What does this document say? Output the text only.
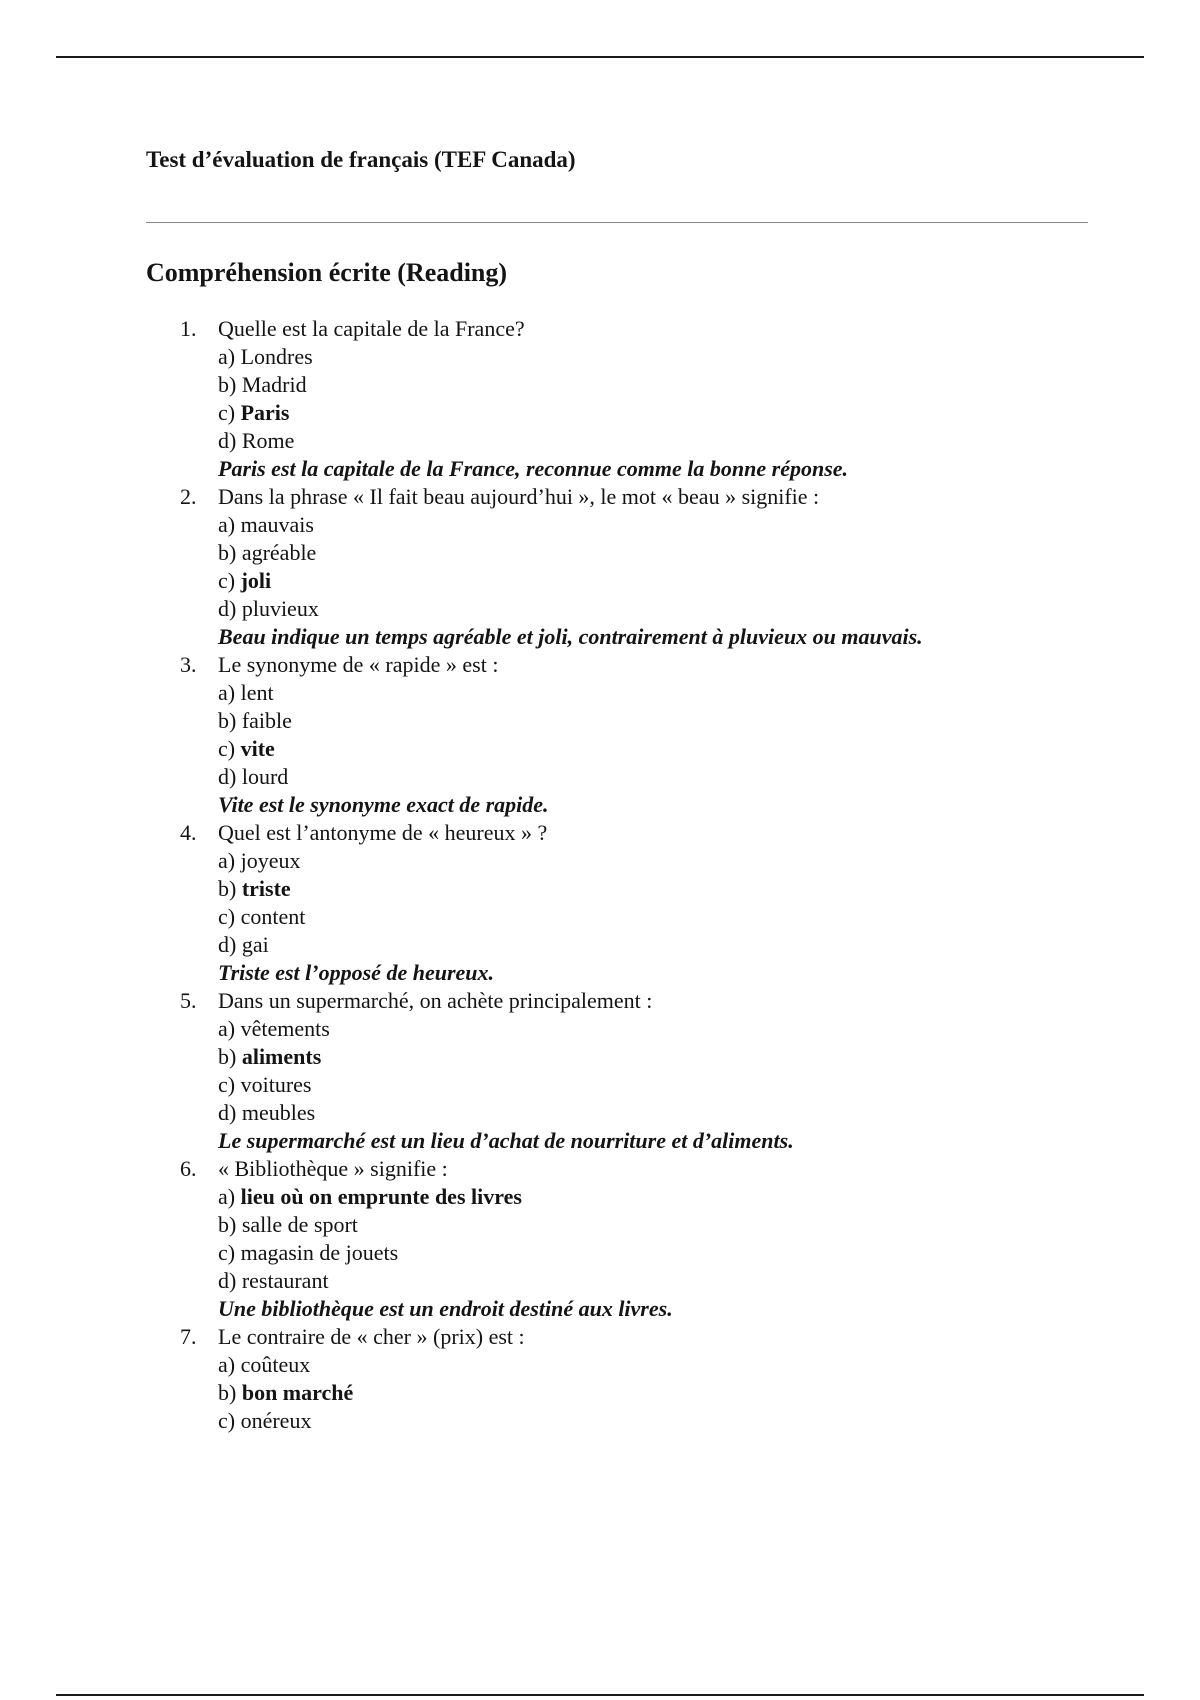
Test d’évaluation de français (TEF Canada)
Compréhension écrite (Reading)
1. Quelle est la capitale de la France?
a) Londres
b) Madrid
c) Paris
d) Rome
Paris est la capitale de la France, reconnue comme la bonne réponse.
2. Dans la phrase « Il fait beau aujourd’hui », le mot « beau » signifie :
a) mauvais
b) agréable
c) joli
d) pluvieux
Beau indique un temps agréable et joli, contrairement à pluvieux ou mauvais.
3. Le synonyme de « rapide » est :
a) lent
b) faible
c) vite
d) lourd
Vite est le synonyme exact de rapide.
4. Quel est l’antonyme de « heureux » ?
a) joyeux
b) triste
c) content
d) gai
Triste est l’opposé de heureux.
5. Dans un supermarché, on achète principalement :
a) vêtements
b) aliments
c) voitures
d) meubles
Le supermarché est un lieu d’achat de nourriture et d’aliments.
6. « Bibliothèque » signifie :
a) lieu où on emprunte des livres
b) salle de sport
c) magasin de jouets
d) restaurant
Une bibliothèque est un endroit destiné aux livres.
7. Le contraire de « cher » (prix) est :
a) coûteux
b) bon marché
c) onéreux
